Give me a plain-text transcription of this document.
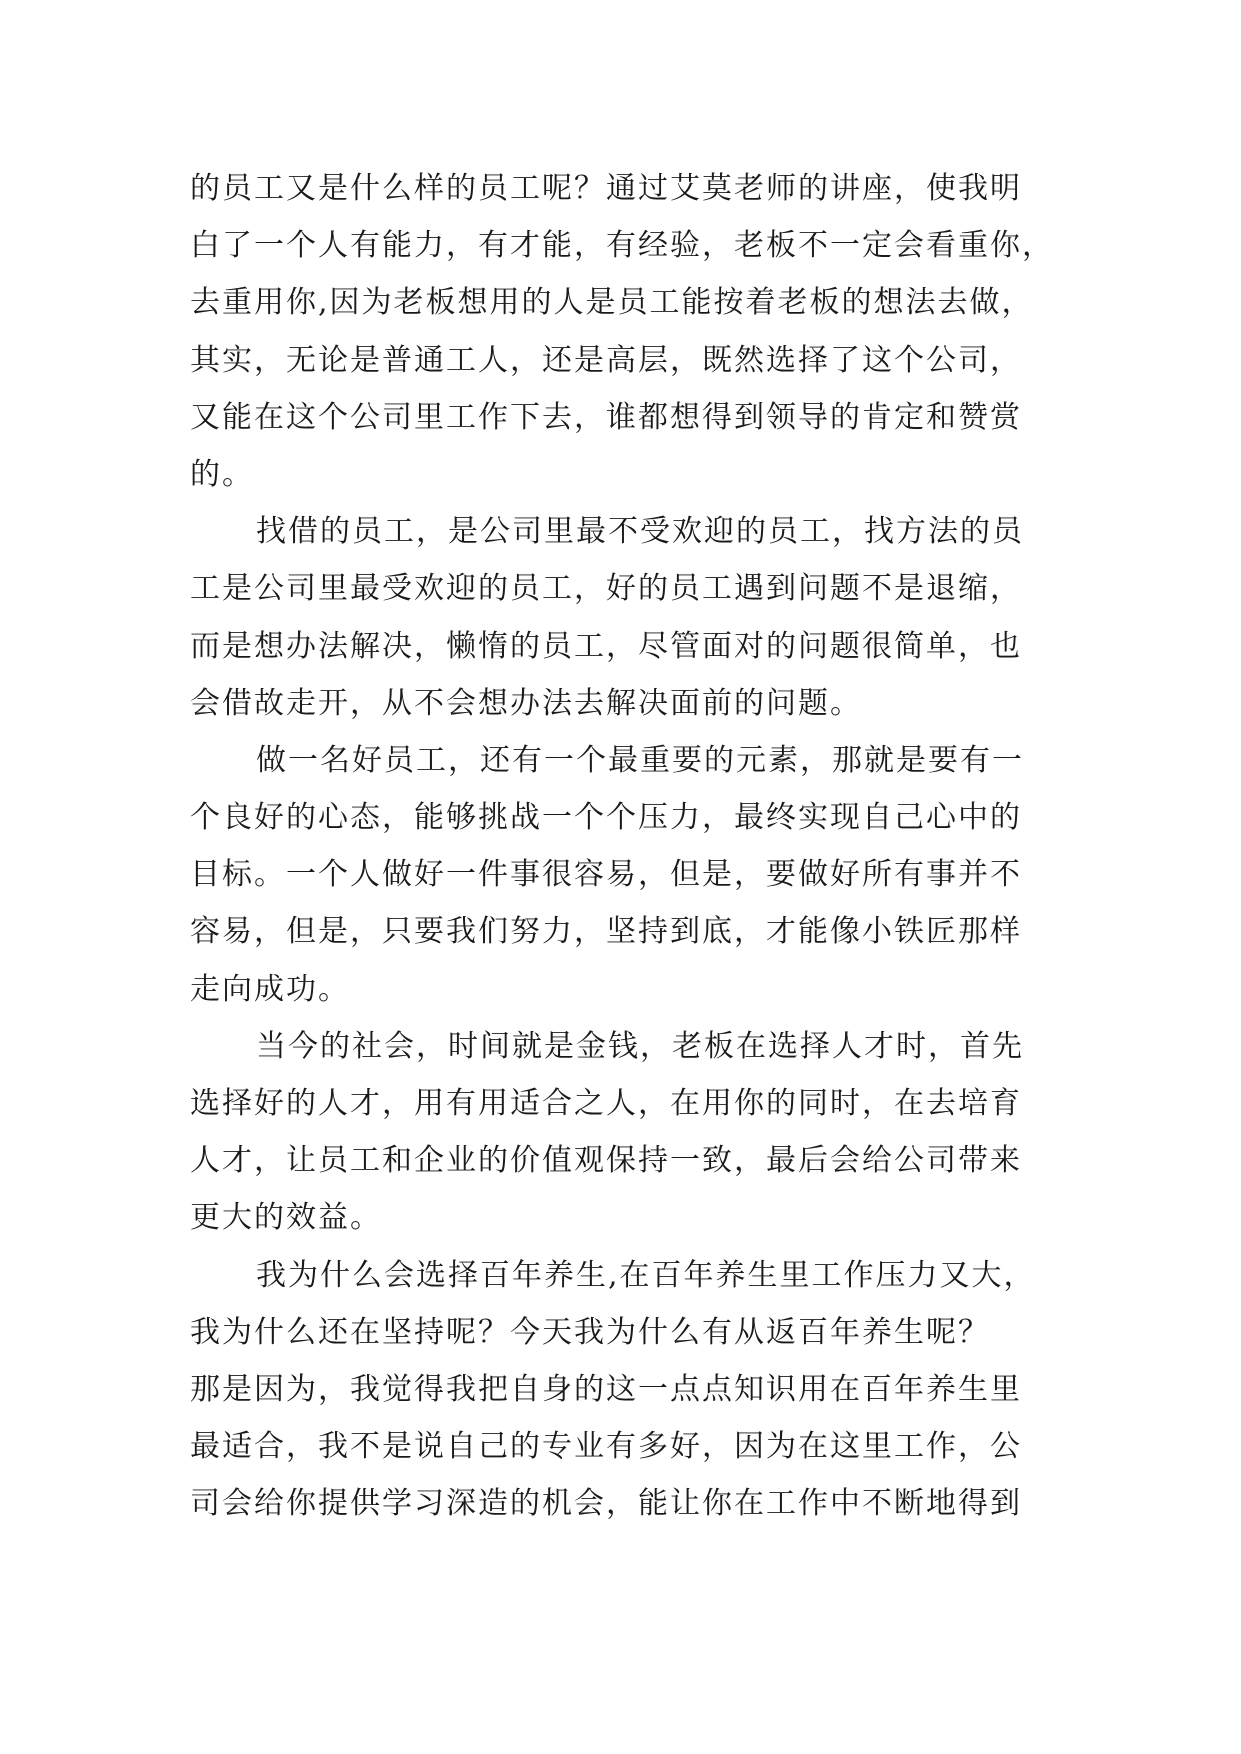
的员工又是什么样的员工呢？通过艾莫老师的讲座，使我明
白了一个人有能力，有才能，有经验，老板不一定会看重你，
去重用你,因为老板想用的人是员工能按着老板的想法去做，
其实，无论是普通工人，还是高层，既然选择了这个公司，
又能在这个公司里工作下去，谁都想得到领导的肯定和赞赏
的。
找借的员工，是公司里最不受欢迎的员工，找方法的员
工是公司里最受欢迎的员工，好的员工遇到问题不是退缩，
而是想办法解决，懒惰的员工，尽管面对的问题很简单，也
会借故走开，从不会想办法去解决面前的问题。
做一名好员工，还有一个最重要的元素，那就是要有一
个良好的心态，能够挑战一个个压力，最终实现自己心中的
目标。一个人做好一件事很容易，但是，要做好所有事并不
容易，但是，只要我们努力，坚持到底，才能像小铁匠那样
走向成功。
当今的社会，时间就是金钱，老板在选择人才时，首先
选择好的人才，用有用适合之人，在用你的同时，在去培育
人才，让员工和企业的价值观保持一致，最后会给公司带来
更大的效益。
我为什么会选择百年养生,在百年养生里工作压力又大，
我为什么还在坚持呢？今天我为什么有从返百年养生呢？
那是因为，我觉得我把自身的这一点点知识用在百年养生里
最适合，我不是说自己的专业有多好，因为在这里工作，公
司会给你提供学习深造的机会，能让你在工作中不断地得到
